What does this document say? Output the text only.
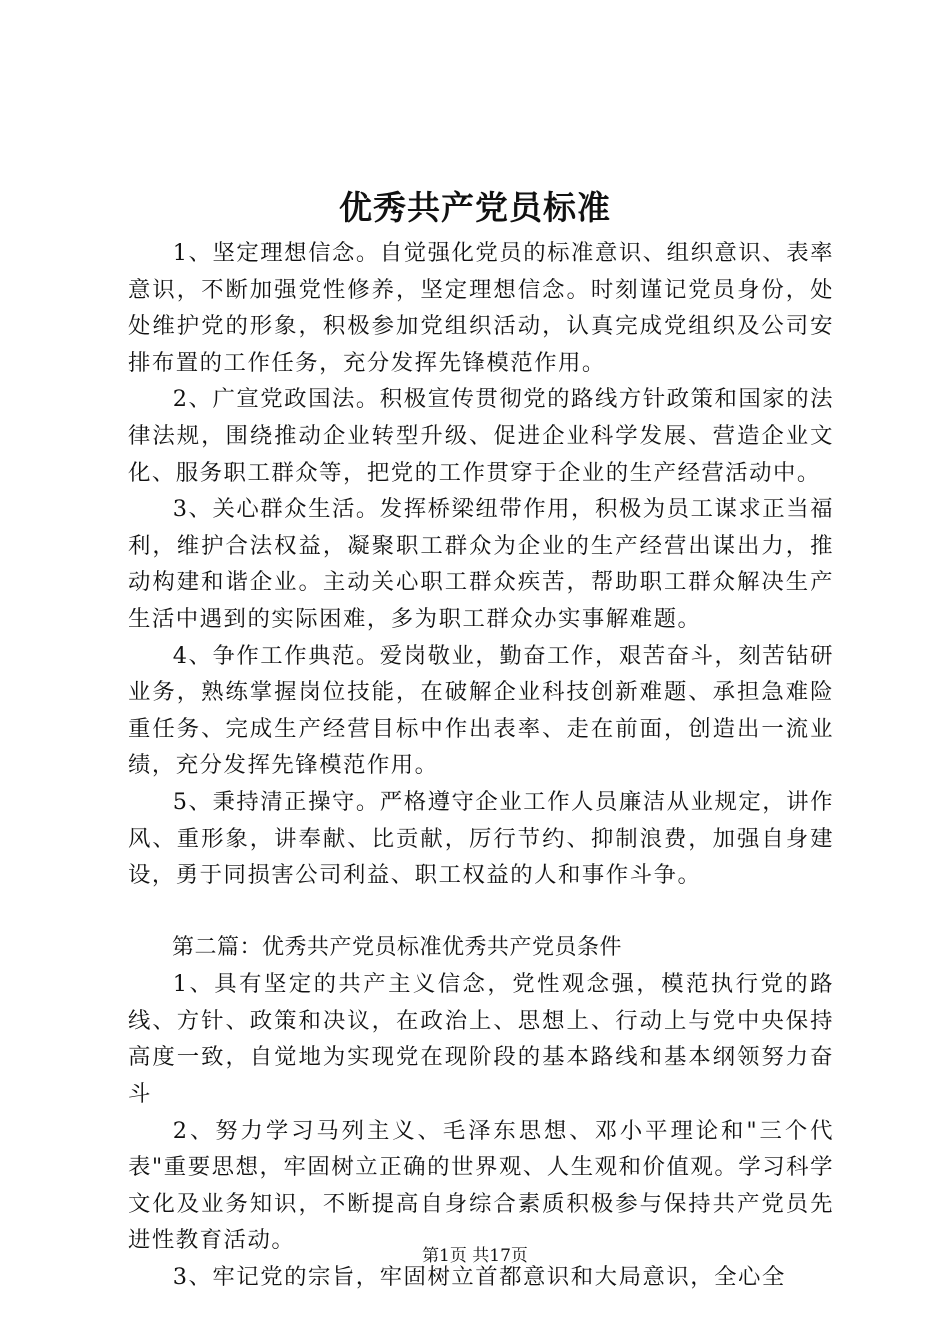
优秀共产党员标准

1、坚定理想信念。自觉强化党员的标准意识、组织意识、表率意识，不断加强党性修养，坚定理想信念。时刻谨记党员身份，处处维护党的形象，积极参加党组织活动，认真完成党组织及公司安排布置的工作任务，充分发挥先锋模范作用。

2、广宣党政国法。积极宣传贯彻党的路线方针政策和国家的法律法规，围绕推动企业转型升级、促进企业科学发展、营造企业文化、服务职工群众等，把党的工作贯穿于企业的生产经营活动中。

3、关心群众生活。发挥桥梁纽带作用，积极为员工谋求正当福利，维护合法权益，凝聚职工群众为企业的生产经营出谋出力，推动构建和谐企业。主动关心职工群众疾苦，帮助职工群众解决生产生活中遇到的实际困难，多为职工群众办实事解难题。

4、争作工作典范。爱岗敬业，勤奋工作，艰苦奋斗，刻苦钻研业务，熟练掌握岗位技能，在破解企业科技创新难题、承担急难险重任务、完成生产经营目标中作出表率、走在前面，创造出一流业绩，充分发挥先锋模范作用。

5、秉持清正操守。严格遵守企业工作人员廉洁从业规定，讲作风、重形象，讲奉献、比贡献，厉行节约、抑制浪费，加强自身建设，勇于同损害公司利益、职工权益的人和事作斗争。

第二篇：优秀共产党员标准优秀共产党员条件

1、具有坚定的共产主义信念，党性观念强，模范执行党的路线、方针、政策和决议，在政治上、思想上、行动上与党中央保持高度一致，自觉地为实现党在现阶段的基本路线和基本纲领努力奋斗

2、努力学习马列主义、毛泽东思想、邓小平理论和"三个代表"重要思想，牢固树立正确的世界观、人生观和价值观。学习科学文化及业务知识，不断提高自身综合素质积极参与保持共产党员先进性教育活动。

3、牢记党的宗旨，牢固树立首都意识和大局意识，全心全

第1页 共17页
